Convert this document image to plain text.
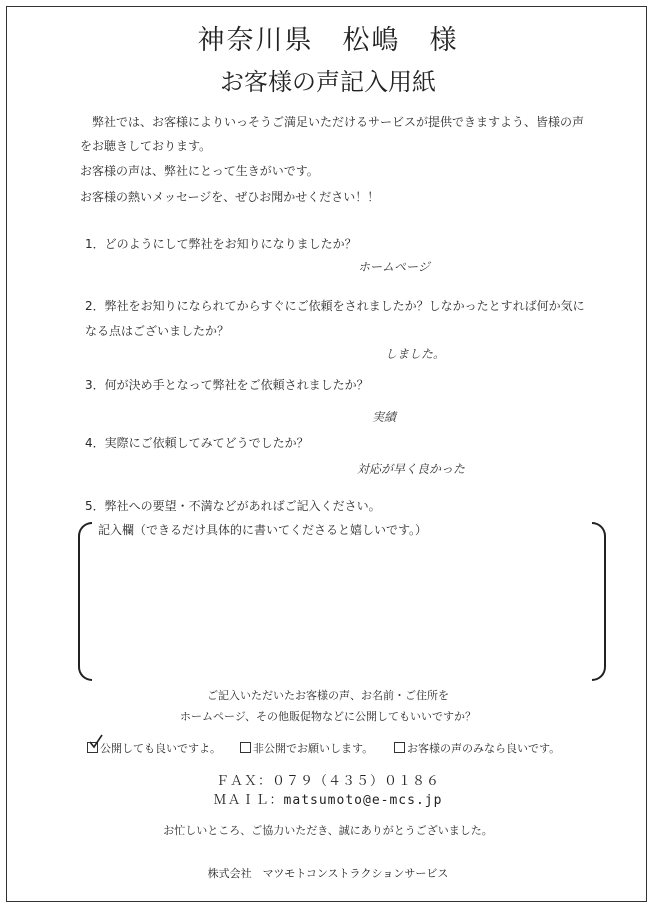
神奈川県　松嶋　様
お客様の声記入用紙
弊社では、お客様によりいっそうご満足いただけるサービスが提供できますよう、皆様の声
をお聴きしております。
お客様の声は、弊社にとって生きがいです。
お客様の熱いメッセージを、ぜひお聞かせください！！
1．どのようにして弊社をお知りになりましたか？
ホームページ
2．弊社をお知りになられてからすぐにご依頼をされましたか？しなかったとすれば何か気に
なる点はございましたか？
しました。
3．何が決め手となって弊社をご依頼されましたか？
実績
4．実際にご依頼してみてどうでしたか？
対応が早く良かった
5．弊社への要望・不満などがあればご記入ください。
記入欄（できるだけ具体的に書いてくださると嬉しいです。）
ご記入いただいたお客様の声、お名前・ご住所を
ホームページ、その他販促物などに公開してもいいですか？
公開しても良いですよ。	非公開でお願いします。	お客様の声のみなら良いです。
ＦＡＸ：０７９（４３５）０１８６
ＭＡＩＬ：matsumoto@e-mcs.jp
お忙しいところ、ご協力いただき、誠にありがとうございました。
株式会社　マツモトコンストラクションサービス
